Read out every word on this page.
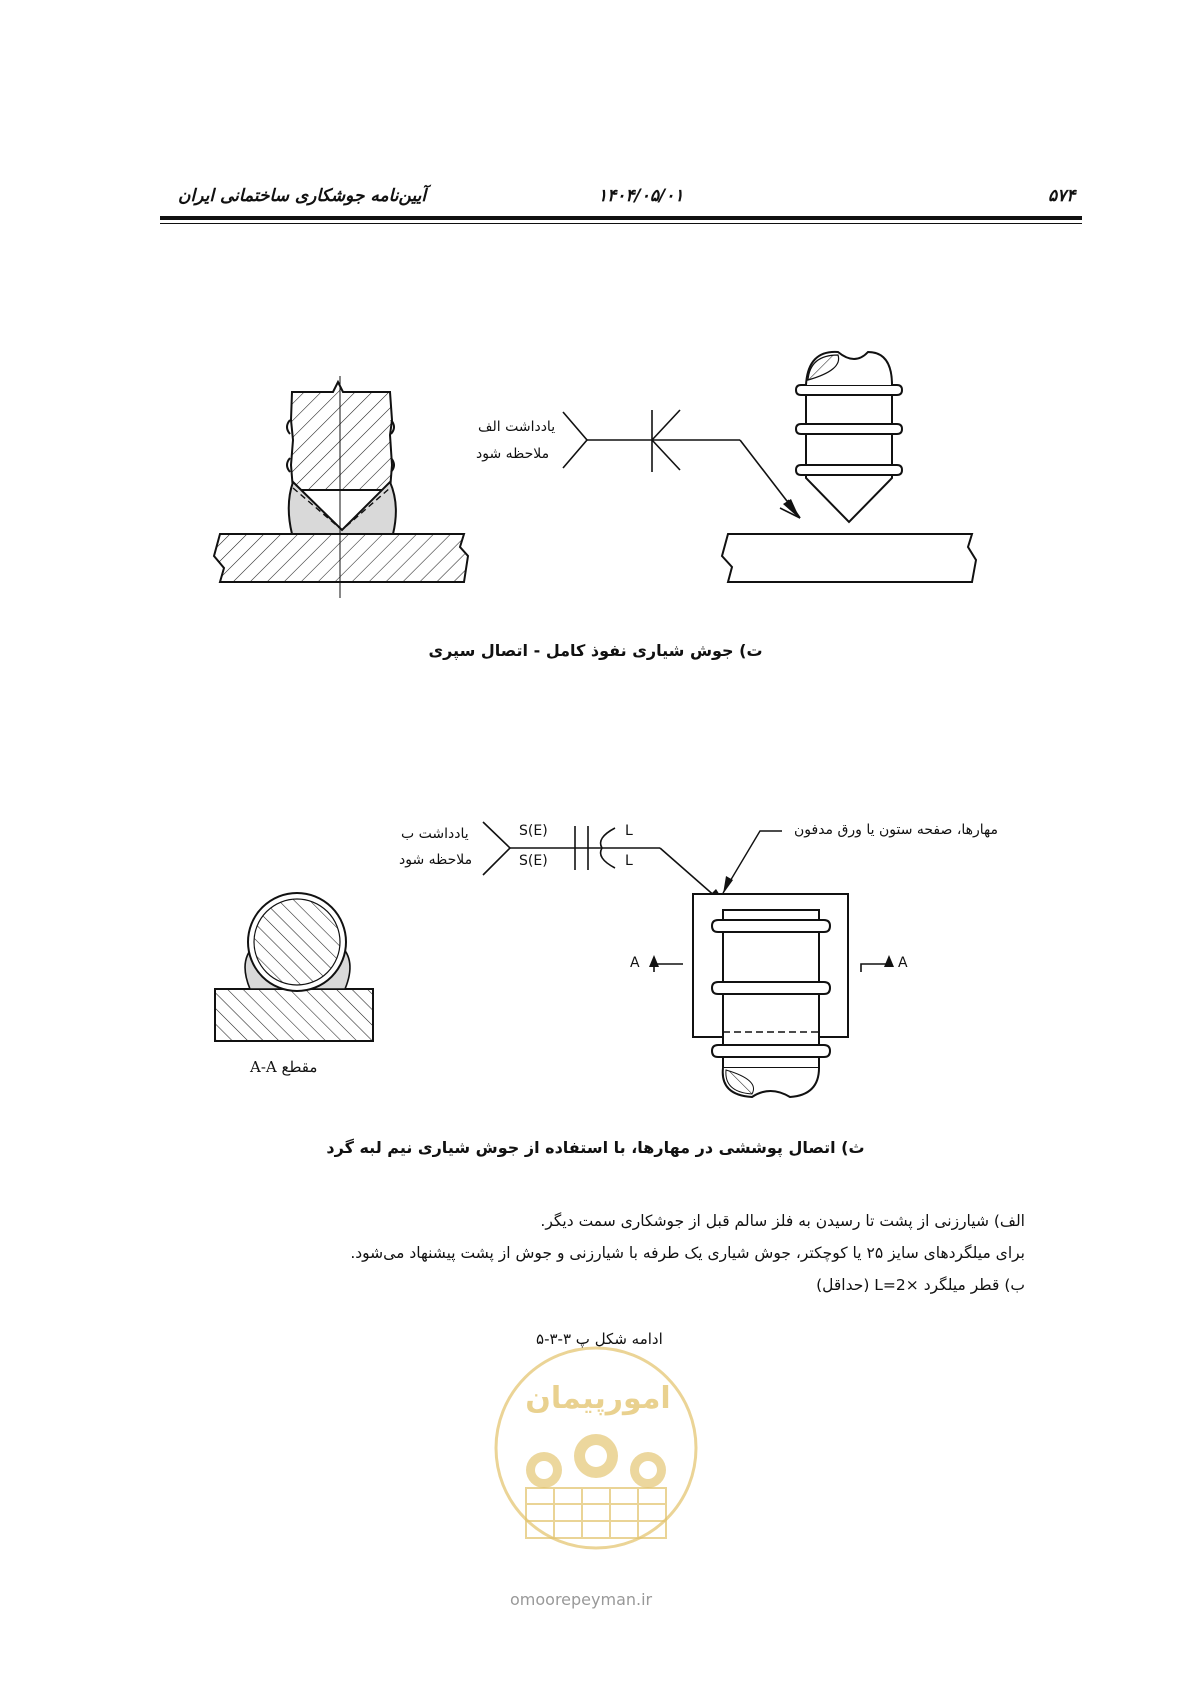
۵۷۴
۱۴۰۴/۰۵/۰۱
آیین‌نامه جوشکاری ساختمانی ایران
یادداشت الف
ملاحظه شود
ت) جوش شیاری نفوذ کامل - اتصال سپری
یادداشت ب
ملاحظه شود
S(E)
S(E)
L
L
مهارها، صفحه ستون یا ورق مدفون
A	A
مقطع A-A
ث) اتصال پوششی در مهارها، با استفاده از جوش شیاری نیم لبه گرد
الف) شیارزنی از پشت تا رسیدن به فلز سالم قبل از جوشکاری سمت دیگر.
برای میلگردهای سایز ۲۵ یا کوچکتر، جوش شیاری یک طرفه با شیارزنی و جوش از پشت پیشنهاد می‌شود.
ب) قطر میلگرد ×L=2 (حداقل)
ادامه شکل پ ۳-۳-۵
امورپیمان
omoorepeyman.ir
